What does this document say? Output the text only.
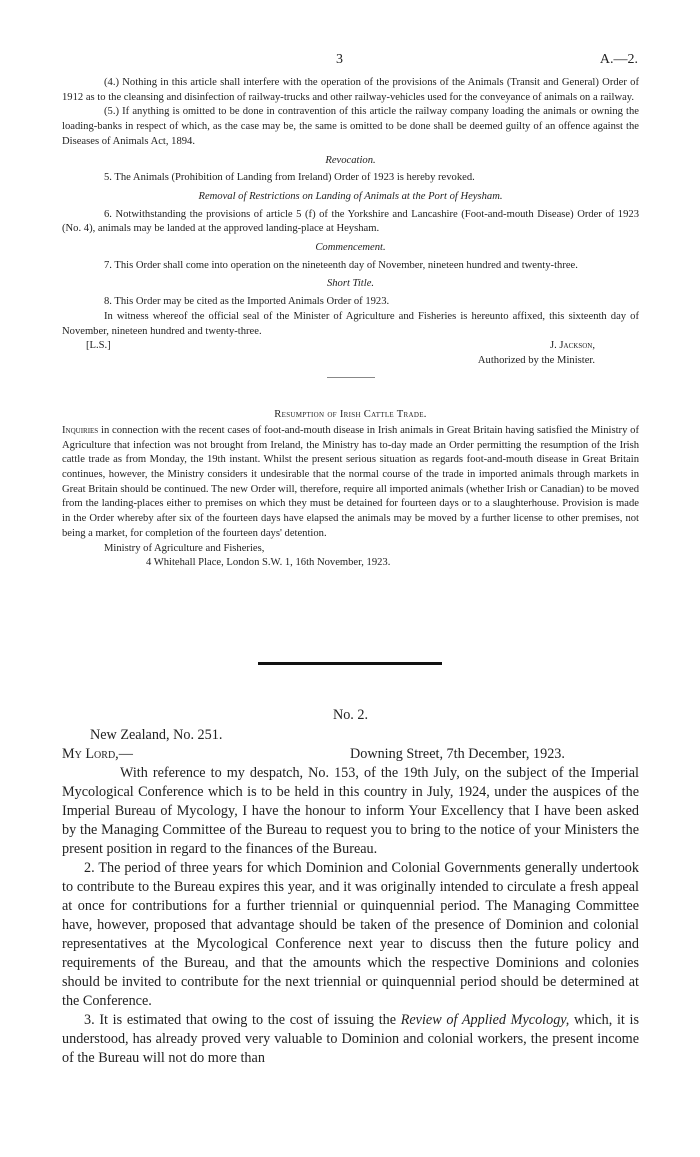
3	A.—2.

(4.) Nothing in this article shall interfere with the operation of the provisions of the Animals (Transit and General) Order of 1912 as to the cleansing and disinfection of railway-trucks and other railway-vehicles used for the conveyance of animals on a railway.

(5.) If anything is omitted to be done in contravention of this article the railway company loading the animals or owning the loading-banks in respect of which, as the case may be, the same is omitted to be done shall be deemed guilty of an offence against the Diseases of Animals Act, 1894.

Revocation.

5. The Animals (Prohibition of Landing from Ireland) Order of 1923 is hereby revoked.

Removal of Restrictions on Landing of Animals at the Port of Heysham.

6. Notwithstanding the provisions of article 5 (f) of the Yorkshire and Lancashire (Foot-and-mouth Disease) Order of 1923 (No. 4), animals may be landed at the approved landing-place at Heysham.

Commencement.

7. This Order shall come into operation on the nineteenth day of November, nineteen hundred and twenty-three.

Short Title.

8. This Order may be cited as the Imported Animals Order of 1923.

In witness whereof the official seal of the Minister of Agriculture and Fisheries is hereunto affixed, this sixteenth day of November, nineteen hundred and twenty-three.

[L.S.]	J. Jackson,
Authorized by the Minister.

Resumption of Irish Cattle Trade.

Inquiries in connection with the recent cases of foot-and-mouth disease in Irish animals in Great Britain having satisfied the Ministry of Agriculture that infection was not brought from Ireland, the Ministry has to-day made an Order permitting the resumption of the Irish cattle trade as from Monday, the 19th instant. Whilst the present serious situation as regards foot-and-mouth disease in Great Britain continues, however, the Ministry considers it undesirable that the normal course of the trade in imported animals through markets in Great Britain should be continued. The new Order will, therefore, require all imported animals (whether Irish or Canadian) to be moved from the landing-places either to premises on which they must be detained for fourteen days or to a slaughterhouse. Provision is made in the Order whereby after six of the fourteen days have elapsed the animals may be moved by a further license to other premises, not being a market, for completion of the fourteen days' detention.

Ministry of Agriculture and Fisheries,

4 Whitehall Place, London S.W. 1, 16th November, 1923.

No. 2.

New Zealand, No. 251.

My Lord,—	Downing Street, 7th December, 1923.

With reference to my despatch, No. 153, of the 19th July, on the subject of the Imperial Mycological Conference which is to be held in this country in July, 1924, under the auspices of the Imperial Bureau of Mycology, I have the honour to inform Your Excellency that I have been asked by the Managing Committee of the Bureau to request you to bring to the notice of your Ministers the present position in regard to the finances of the Bureau.

2. The period of three years for which Dominion and Colonial Governments generally undertook to contribute to the Bureau expires this year, and it was originally intended to circulate a fresh appeal at once for contributions for a further triennial or quinquennial period. The Managing Committee have, however, proposed that advantage should be taken of the presence of Dominion and colonial representatives at the Mycological Conference next year to discuss then the future policy and requirements of the Bureau, and that the amounts which the respective Dominions and colonies should be invited to contribute for the next triennial or quinquennial period should be determined at the Conference.

3. It is estimated that owing to the cost of issuing the Review of Applied Mycology, which, it is understood, has already proved very valuable to Dominion and colonial workers, the present income of the Bureau will not do more than
